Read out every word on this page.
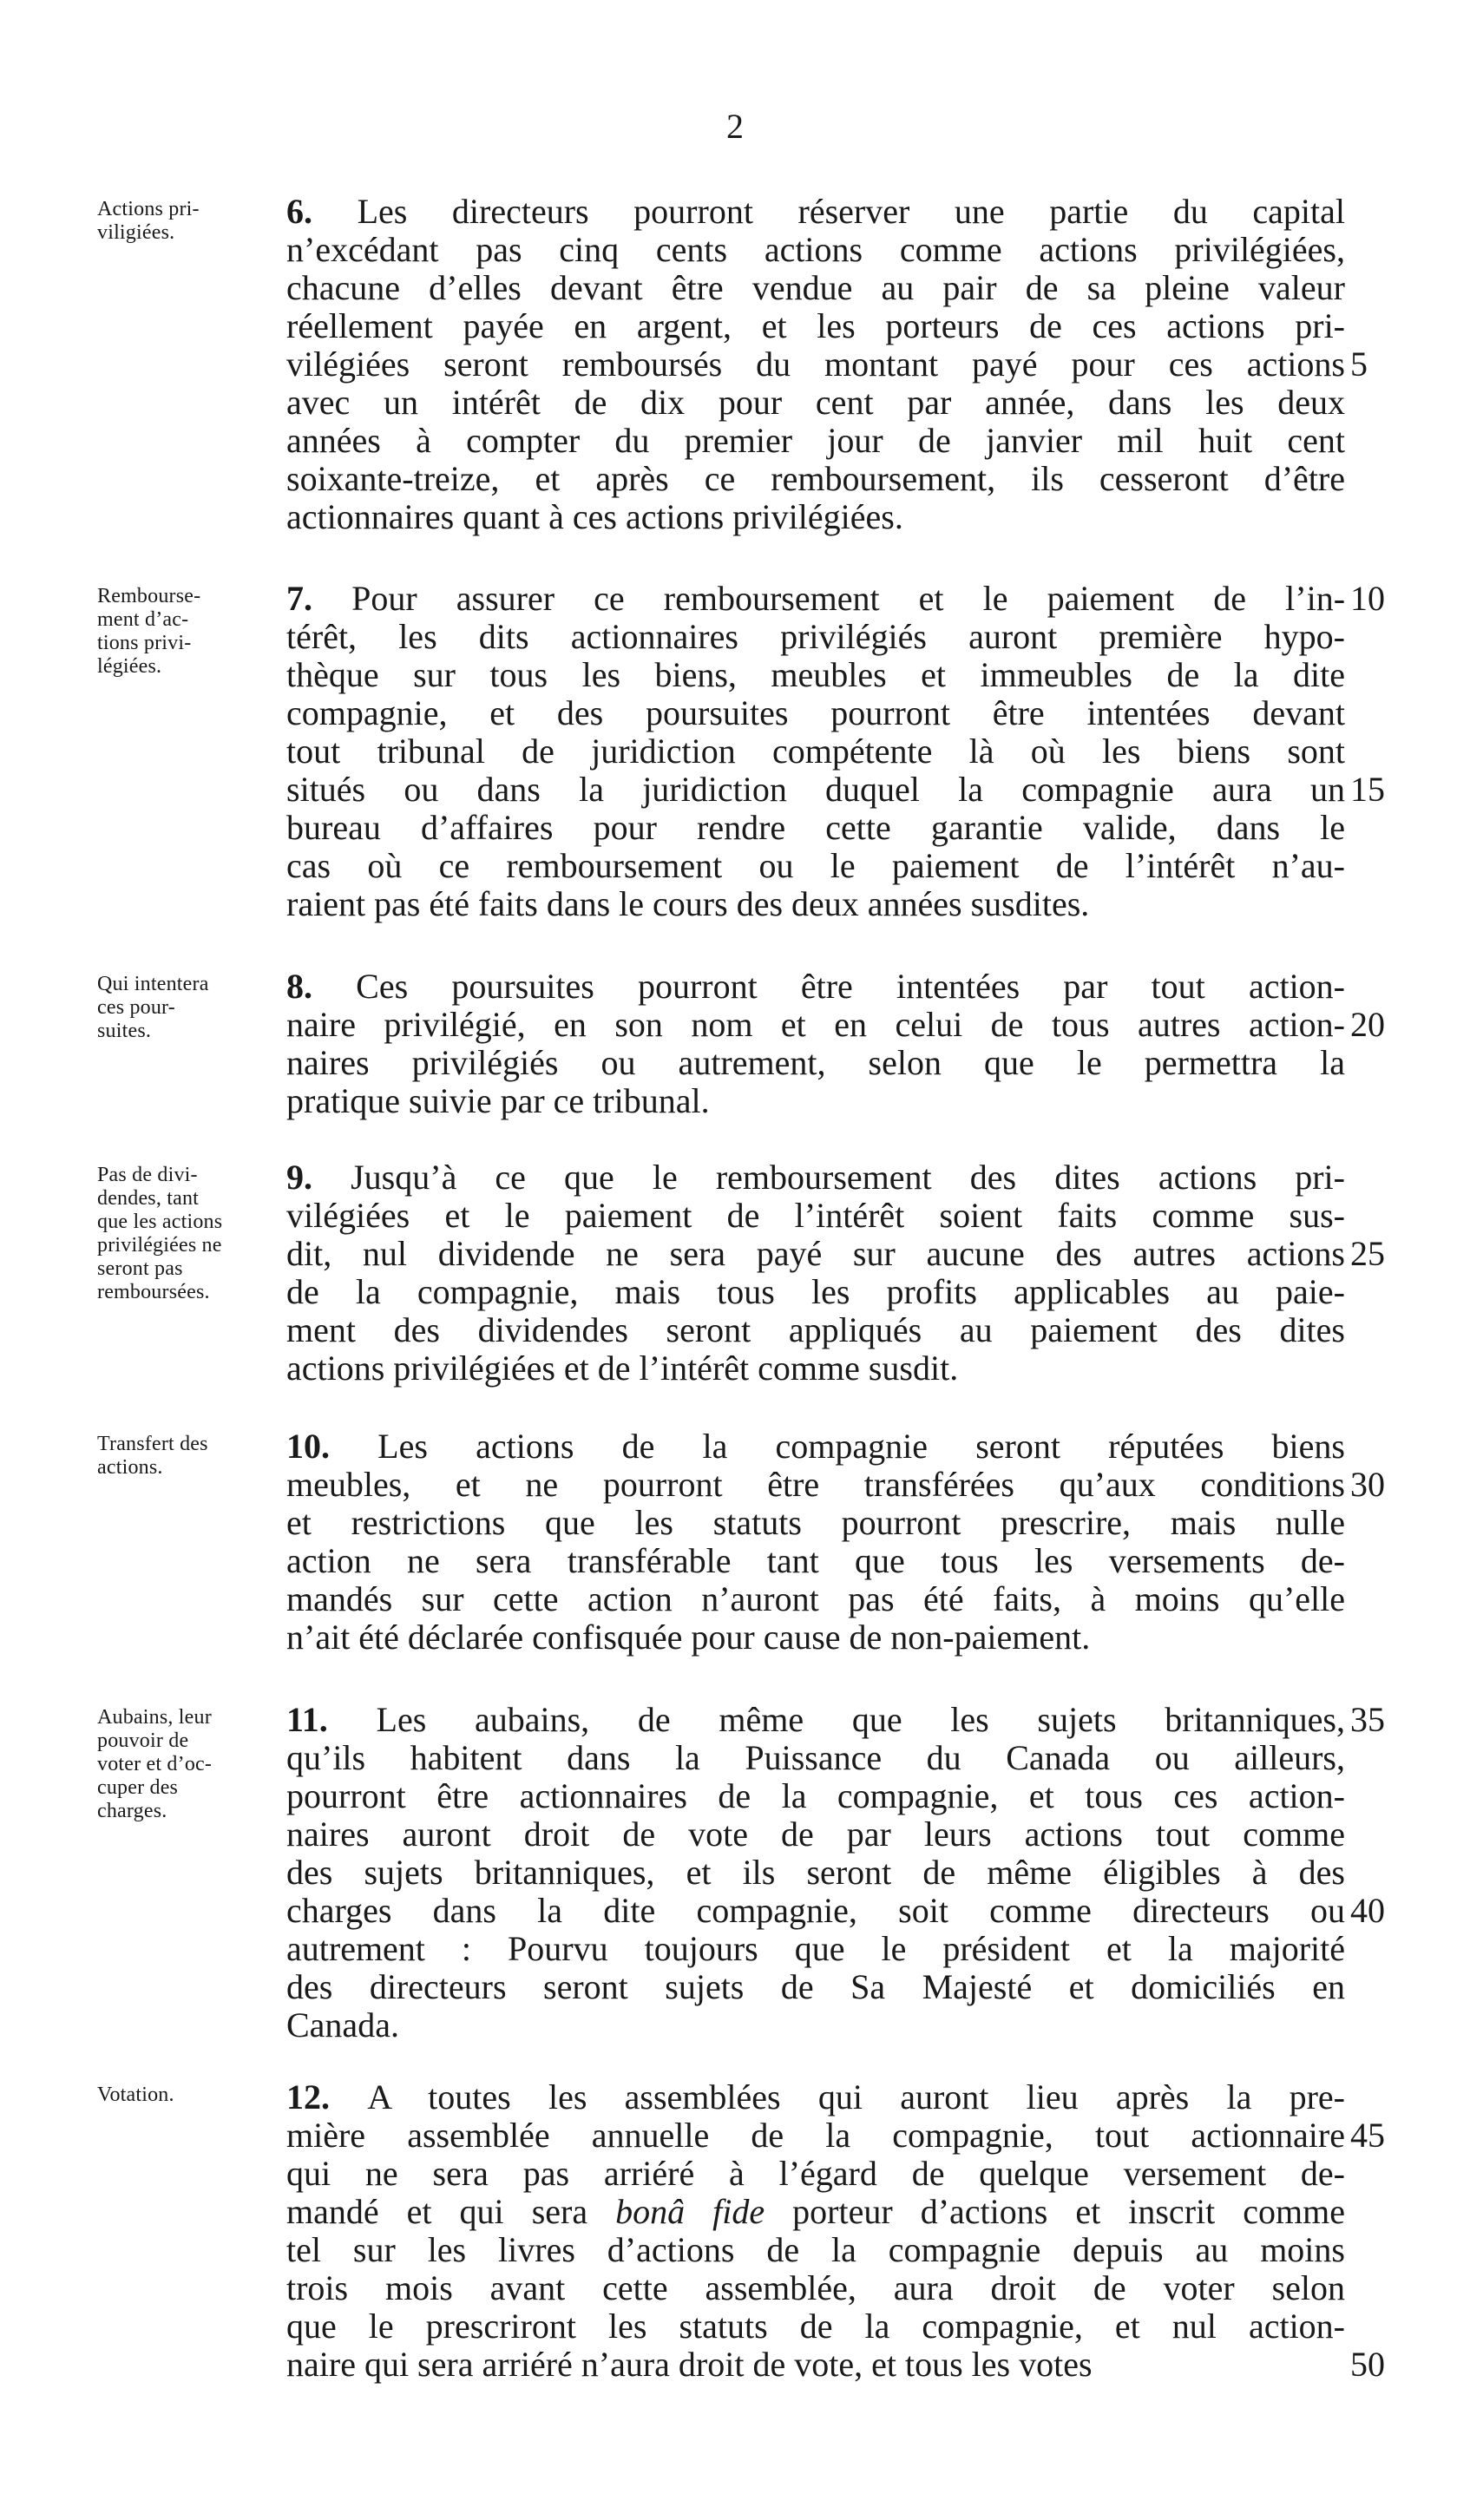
2
Actions pri-
viligiées.
5
6. Les directeurs pourront réserver une partie du capital
n’excédant pas cinq cents actions comme actions privilégiées,
chacune d’elles devant être vendue au pair de sa pleine valeur
réellement payée en argent, et les porteurs de ces actions pri-
vilégiées seront remboursés du montant payé pour ces actions
avec un intérêt de dix pour cent par année, dans les deux
années à compter du premier jour de janvier mil huit cent
soixante-treize, et après ce remboursement, ils cesseront d’être
actionnaires quant à ces actions privilégiées.
Rembourse-
ment d’ac-
tions privi-
légiées.
10
15
7. Pour assurer ce remboursement et le paiement de l’in-
térêt, les dits actionnaires privilégiés auront première hypo-
thèque sur tous les biens, meubles et immeubles de la dite
compagnie, et des poursuites pourront être intentées devant
tout tribunal de juridiction compétente là où les biens sont
situés ou dans la juridiction duquel la compagnie aura un
bureau d’affaires pour rendre cette garantie valide, dans le
cas où ce remboursement ou le paiement de l’intérêt n’au-
raient pas été faits dans le cours des deux années susdites.
Qui intentera
ces pour-
suites.	20
8. Ces poursuites pourront être intentées par tout action-
naire privilégié, en son nom et en celui de tous autres action-
naires privilégiés ou autrement, selon que le permettra la
pratique suivie par ce tribunal.
Pas de divi-
dendes, tant
que les actions
privilégiées ne
seront pas
remboursées.
25
9. Jusqu’à ce que le remboursement des dites actions pri-
vilégiées et le paiement de l’intérêt soient faits comme sus-
dit, nul dividende ne sera payé sur aucune des autres actions
de la compagnie, mais tous les profits applicables au paie-
ment des dividendes seront appliqués au paiement des dites
actions privilégiées et de l’intérêt comme susdit.
Transfert des
actions.	30
10. Les actions de la compagnie seront réputées biens
meubles, et ne pourront être transférées qu’aux conditions
et restrictions que les statuts pourront prescrire, mais nulle
action ne sera transférable tant que tous les versements de-
mandés sur cette action n’auront pas été faits, à moins qu’elle
n’ait été déclarée confisquée pour cause de non-paiement.
Aubains, leur
pouvoir de
voter et d’oc-
cuper des
charges.
35
40
11. Les aubains, de même que les sujets britanniques,
qu’ils habitent dans la Puissance du Canada ou ailleurs,
pourront être actionnaires de la compagnie, et tous ces action-
naires auront droit de vote de par leurs actions tout comme
des sujets britanniques, et ils seront de même éligibles à des
charges dans la dite compagnie, soit comme directeurs ou
autrement : Pourvu toujours que le président et la majorité
des directeurs seront sujets de Sa Majesté et domiciliés en
Canada.
Votation.
45
50
12. A toutes les assemblées qui auront lieu après la pre-
mière assemblée annuelle de la compagnie, tout actionnaire
qui ne sera pas arriéré à l’égard de quelque versement de-
mandé et qui sera bonâ fide porteur d’actions et inscrit comme
tel sur les livres d’actions de la compagnie depuis au moins
trois mois avant cette assemblée, aura droit de voter selon
que le prescriront les statuts de la compagnie, et nul action-
naire qui sera arriéré n’aura droit de vote, et tous les votes
